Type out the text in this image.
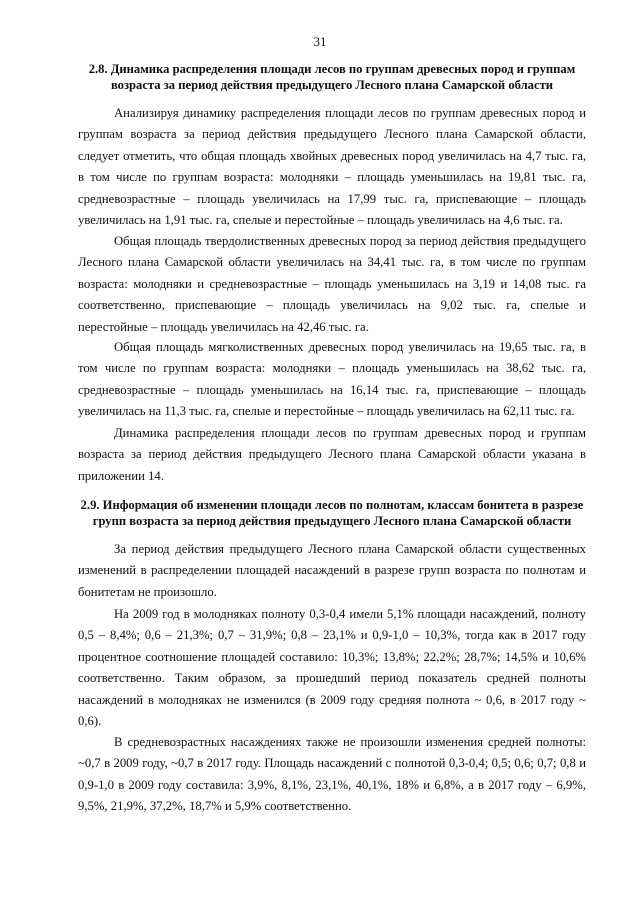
31
2.8. Динамика распределения площади лесов по группам древесных пород и группам возраста за период действия предыдущего Лесного плана Самарской области

Анализируя динамику распределения площади лесов по группам древесных пород и группам возраста за период действия предыдущего Лесного плана Самарской области, следует отметить, что общая площадь хвойных древесных пород увеличилась на 4,7 тыс. га, в том числе по группам возраста: молодняки – площадь уменьшилась на 19,81 тыс. га, средневозрастные – площадь увеличилась на 17,99 тыс. га, приспевающие – площадь увеличилась на 1,91 тыс. га, спелые и перестойные – площадь увеличилась на 4,6 тыс. га.

Общая площадь твердолиственных древесных пород за период действия предыдущего Лесного плана Самарской области увеличилась на 34,41 тыс. га, в том числе по группам возраста: молодняки и средневозрастные – площадь уменьшилась на 3,19 и 14,08 тыс. га соответственно, приспевающие – площадь увеличилась на 9,02 тыс. га, спелые и перестойные – площадь увеличилась на 42,46 тыс. га.

Общая площадь мягколиственных древесных пород увеличилась на 19,65 тыс. га, в том числе по группам возраста: молодняки – площадь уменьшилась на 38,62 тыс. га, средневозрастные – площадь уменьшилась на 16,14 тыс. га, приспевающие – площадь увеличилась на 11,3 тыс. га, спелые и перестойные – площадь увеличилась на 62,11 тыс. га.

Динамика распределения площади лесов по группам древесных пород и группам возраста за период действия предыдущего Лесного плана Самарской области указана в приложении 14.

2.9. Информация об изменении площади лесов по полнотам, классам бонитета в разрезе групп возраста за период действия предыдущего Лесного плана Самарской области

За период действия предыдущего Лесного плана Самарской области существенных изменений в распределении площадей насаждений в разрезе групп возраста по полнотам и бонитетам не произошло.

На 2009 год в молодняках полноту 0,3-0,4 имели 5,1% площади насаждений, полноту 0,5 – 8,4%; 0,6 – 21,3%; 0,7 – 31,9%; 0,8 – 23,1% и 0,9-1,0 – 10,3%, тогда как в 2017 году процентное соотношение площадей составило: 10,3%; 13,8%; 22,2%; 28,7%; 14,5% и 10,6% соответственно. Таким образом, за прошедший период показатель средней полноты насаждений в молодняках не изменился (в 2009 году средняя полнота ~ 0,6, в 2017 году ~ 0,6).

В средневозрастных насаждениях также не произошли изменения средней полноты: ~0,7 в 2009 году, ~0,7 в 2017 году. Площадь насаждений с полнотой 0,3-0,4; 0,5; 0,6; 0,7; 0,8 и 0,9-1,0 в 2009 году составила: 3,9%, 8,1%, 23,1%, 40,1%, 18% и 6,8%, а в 2017 году – 6,9%, 9,5%, 21,9%, 37,2%, 18,7% и 5,9% соответственно.
